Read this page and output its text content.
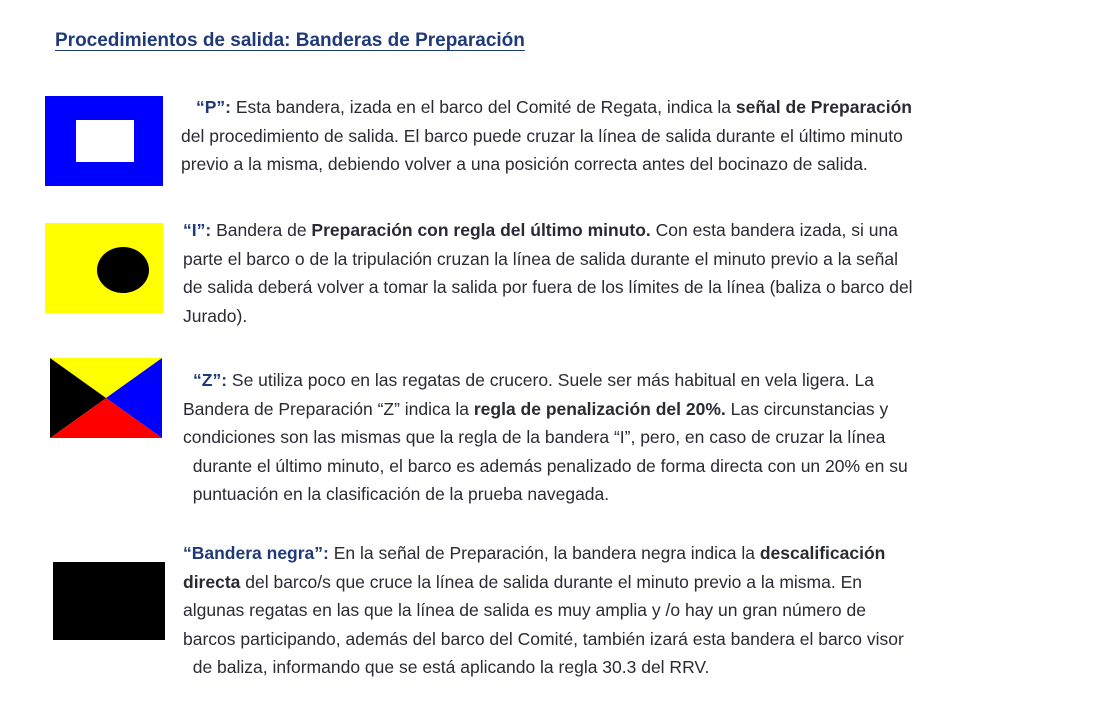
Procedimientos de salida: Banderas de Preparación
“P”: Esta bandera, izada en el barco del Comité de Regata, indica la señal de Preparación
del procedimiento de salida. El barco puede cruzar la línea de salida durante el último minuto
previo a la misma, debiendo volver a una posición correcta antes del bocinazo de salida.
“I”: Bandera de Preparación con regla del último minuto. Con esta bandera izada, si una
parte el barco o de la tripulación cruzan la línea de salida durante el minuto previo a la señal
de salida deberá volver a tomar la salida por fuera de los límites de la línea (baliza o barco del
Jurado).
“Z”: Se utiliza poco en las regatas de crucero. Suele ser más habitual en vela ligera. La
Bandera de Preparación “Z” indica la regla de penalización del 20%. Las circunstancias y
condiciones son las mismas que la regla de la bandera “I”, pero, en caso de cruzar la línea
durante el último minuto, el barco es además penalizado de forma directa con un 20% en su
puntuación en la clasificación de la prueba navegada.
“Bandera negra”: En la señal de Preparación, la bandera negra indica la descalificación
directa del barco/s que cruce la línea de salida durante el minuto previo a la misma. En
algunas regatas en las que la línea de salida es muy amplia y /o hay un gran número de
barcos participando, además del barco del Comité, también izará esta bandera el barco visor
de baliza, informando que se está aplicando la regla 30.3 del RRV.
